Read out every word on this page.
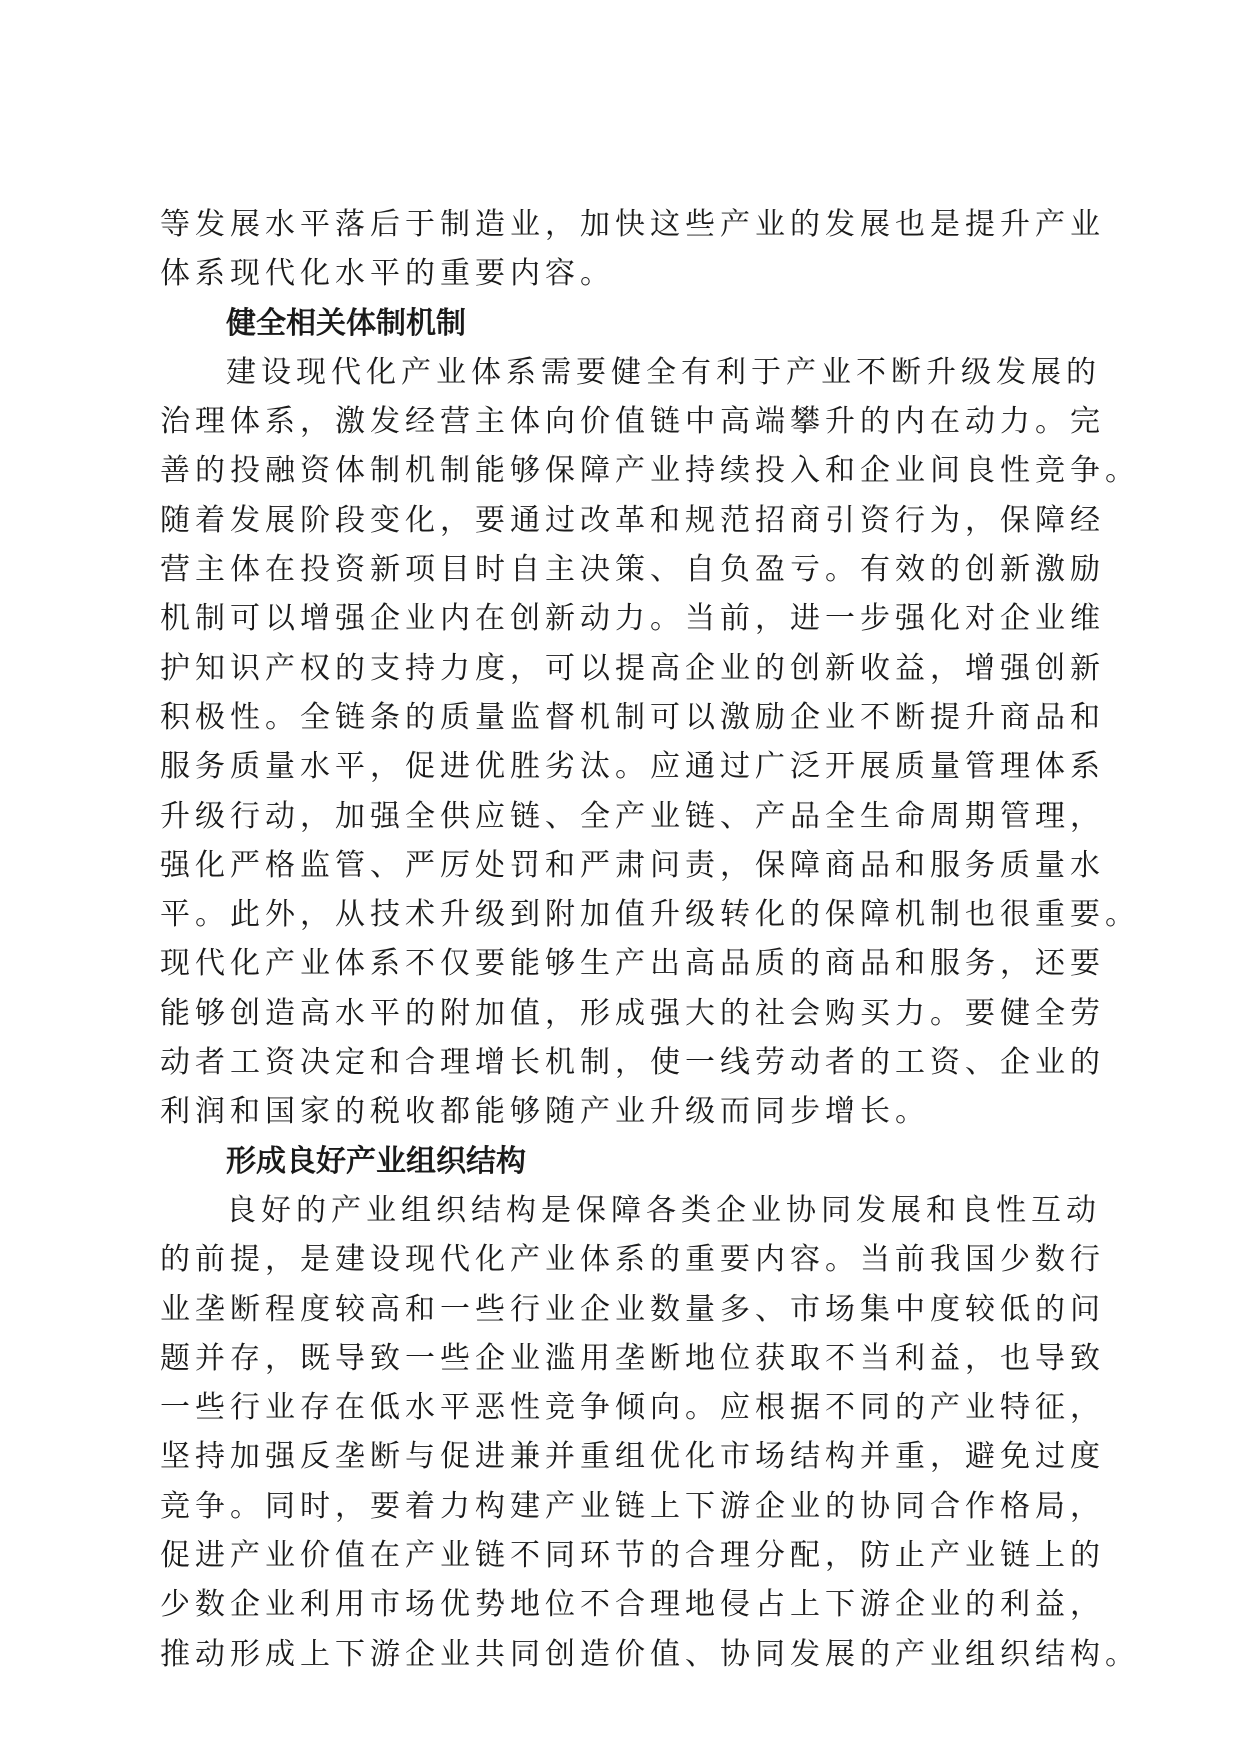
等发展水平落后于制造业，加快这些产业的发展也是提升产业
体系现代化水平的重要内容。
健全相关体制机制
建设现代化产业体系需要健全有利于产业不断升级发展的
治理体系，激发经营主体向价值链中高端攀升的内在动力。完
善的投融资体制机制能够保障产业持续投入和企业间良性竞争。
随着发展阶段变化，要通过改革和规范招商引资行为，保障经
营主体在投资新项目时自主决策、自负盈亏。有效的创新激励
机制可以增强企业内在创新动力。当前，进一步强化对企业维
护知识产权的支持力度，可以提高企业的创新收益，增强创新
积极性。全链条的质量监督机制可以激励企业不断提升商品和
服务质量水平，促进优胜劣汰。应通过广泛开展质量管理体系
升级行动，加强全供应链、全产业链、产品全生命周期管理，
强化严格监管、严厉处罚和严肃问责，保障商品和服务质量水
平。此外，从技术升级到附加值升级转化的保障机制也很重要。
现代化产业体系不仅要能够生产出高品质的商品和服务，还要
能够创造高水平的附加值，形成强大的社会购买力。要健全劳
动者工资决定和合理增长机制，使一线劳动者的工资、企业的
利润和国家的税收都能够随产业升级而同步增长。
形成良好产业组织结构
良好的产业组织结构是保障各类企业协同发展和良性互动
的前提，是建设现代化产业体系的重要内容。当前我国少数行
业垄断程度较高和一些行业企业数量多、市场集中度较低的问
题并存，既导致一些企业滥用垄断地位获取不当利益，也导致
一些行业存在低水平恶性竞争倾向。应根据不同的产业特征，
坚持加强反垄断与促进兼并重组优化市场结构并重，避免过度
竞争。同时，要着力构建产业链上下游企业的协同合作格局，
促进产业价值在产业链不同环节的合理分配，防止产业链上的
少数企业利用市场优势地位不合理地侵占上下游企业的利益，
推动形成上下游企业共同创造价值、协同发展的产业组织结构。
